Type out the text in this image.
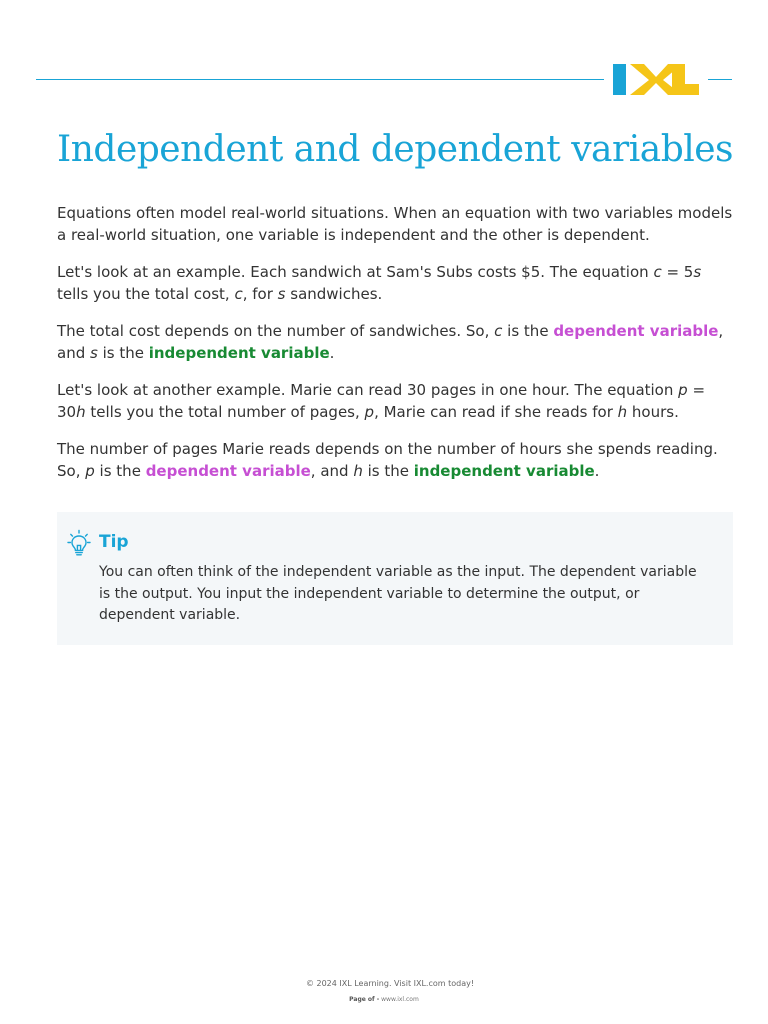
Independent and dependent variables

Equations often model real-world situations. When an equation with two variables models a real-world situation, one variable is independent and the other is dependent.

Let's look at an example. Each sandwich at Sam's Subs costs $5. The equation c = 5s tells you the total cost, c, for s sandwiches.

The total cost depends on the number of sandwiches. So, c is the dependent variable, and s is the independent variable.

Let's look at another example. Marie can read 30 pages in one hour. The equation p = 30h tells you the total number of pages, p, Marie can read if she reads for h hours.

The number of pages Marie reads depends on the number of hours she spends reading. So, p is the dependent variable, and h is the independent variable.

Tip
You can often think of the independent variable as the input. The dependent variable is the output. You input the independent variable to determine the output, or dependent variable.
© 2024 IXL Learning. Visit IXL.com today!
Page of - www.ixl.com
